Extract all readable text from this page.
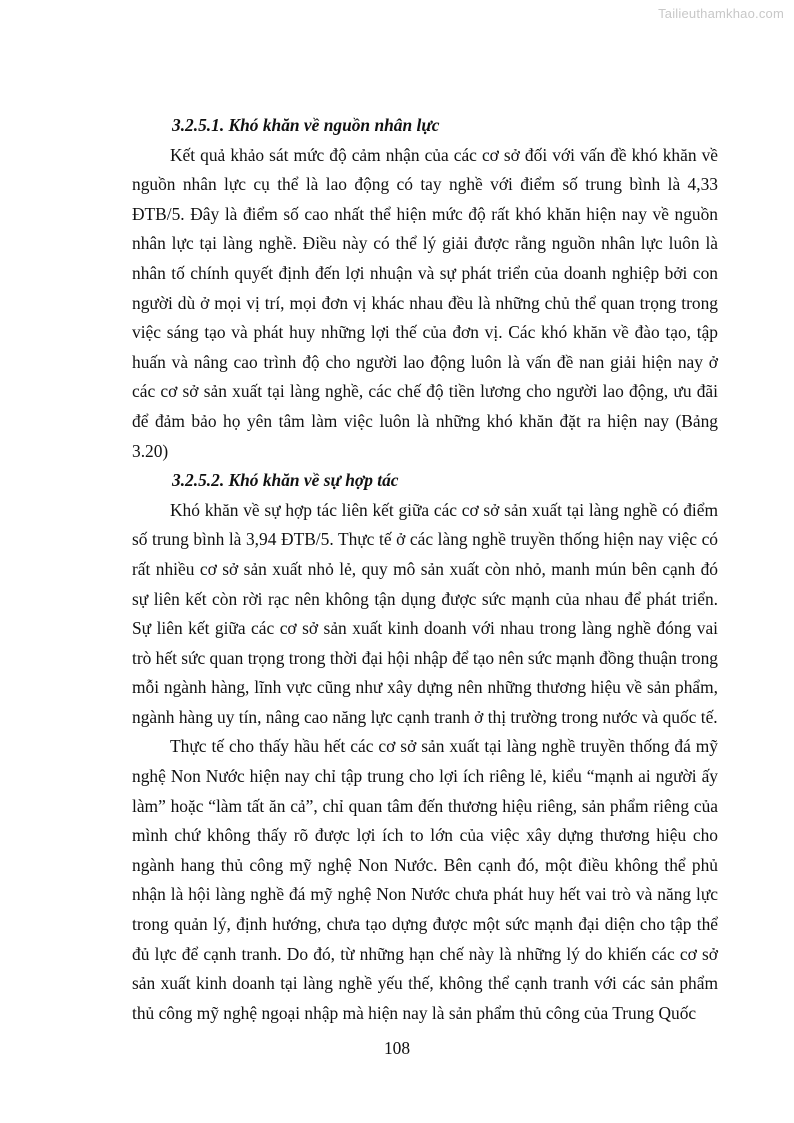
Tailieuthamkhao.com
3.2.5.1. Khó khăn về nguồn nhân lực

Kết quả khảo sát mức độ cảm nhận của các cơ sở đối với vấn đề khó khăn về nguồn nhân lực cụ thể là lao động có tay nghề với điểm số trung bình là 4,33 ĐTB/5. Đây là điểm số cao nhất thể hiện mức độ rất khó khăn hiện nay về nguồn nhân lực tại làng nghề. Điều này có thể lý giải được rằng nguồn nhân lực luôn là nhân tố chính quyết định đến lợi nhuận và sự phát triển của doanh nghiệp bởi con người dù ở mọi vị trí, mọi đơn vị khác nhau đều là những chủ thể quan trọng trong việc sáng tạo và phát huy những lợi thế của đơn vị. Các khó khăn về đào tạo, tập huấn và nâng cao trình độ cho người lao động luôn là vấn đề nan giải hiện nay ở các cơ sở sản xuất tại làng nghề, các chế độ tiền lương cho người lao động, ưu đãi để đảm bảo họ yên tâm làm việc luôn là những khó khăn đặt ra hiện nay (Bảng 3.20)

3.2.5.2. Khó khăn về sự hợp tác

Khó khăn về sự hợp tác liên kết giữa các cơ sở sản xuất tại làng nghề có điểm số trung bình là 3,94 ĐTB/5. Thực tế ở các làng nghề truyền thống hiện nay việc có rất nhiều cơ sở sản xuất nhỏ lẻ, quy mô sản xuất còn nhỏ, manh mún bên cạnh đó sự liên kết còn rời rạc nên không tận dụng được sức mạnh của nhau để phát triển. Sự liên kết giữa các cơ sở sản xuất kinh doanh với nhau trong làng nghề đóng vai trò hết sức quan trọng trong thời đại hội nhập để tạo nên sức mạnh đồng thuận trong mỗi ngành hàng, lĩnh vực cũng như xây dựng nên những thương hiệu về sản phẩm, ngành hàng uy tín, nâng cao năng lực cạnh tranh ở thị trường trong nước và quốc tế.

Thực tế cho thấy hầu hết các cơ sở sản xuất tại làng nghề truyền thống đá mỹ nghệ Non Nước hiện nay chỉ tập trung cho lợi ích riêng lẻ, kiểu “mạnh ai người ấy làm” hoặc “làm tất ăn cả”, chỉ quan tâm đến thương hiệu riêng, sản phẩm riêng của mình chứ không thấy rõ được lợi ích to lớn của việc xây dựng thương hiệu cho ngành hang thủ công mỹ nghệ Non Nước. Bên cạnh đó, một điều không thể phủ nhận là hội làng nghề đá mỹ nghệ Non Nước chưa phát huy hết vai trò và năng lực trong quản lý, định hướng, chưa tạo dựng được một sức mạnh đại diện cho tập thể đủ lực để cạnh tranh. Do đó, từ những hạn chế này là những lý do khiến các cơ sở sản xuất kinh doanh tại làng nghề yếu thế, không thể cạnh tranh với các sản phẩm thủ công mỹ nghệ ngoại nhập mà hiện nay là sản phẩm thủ công của Trung Quốc

108
